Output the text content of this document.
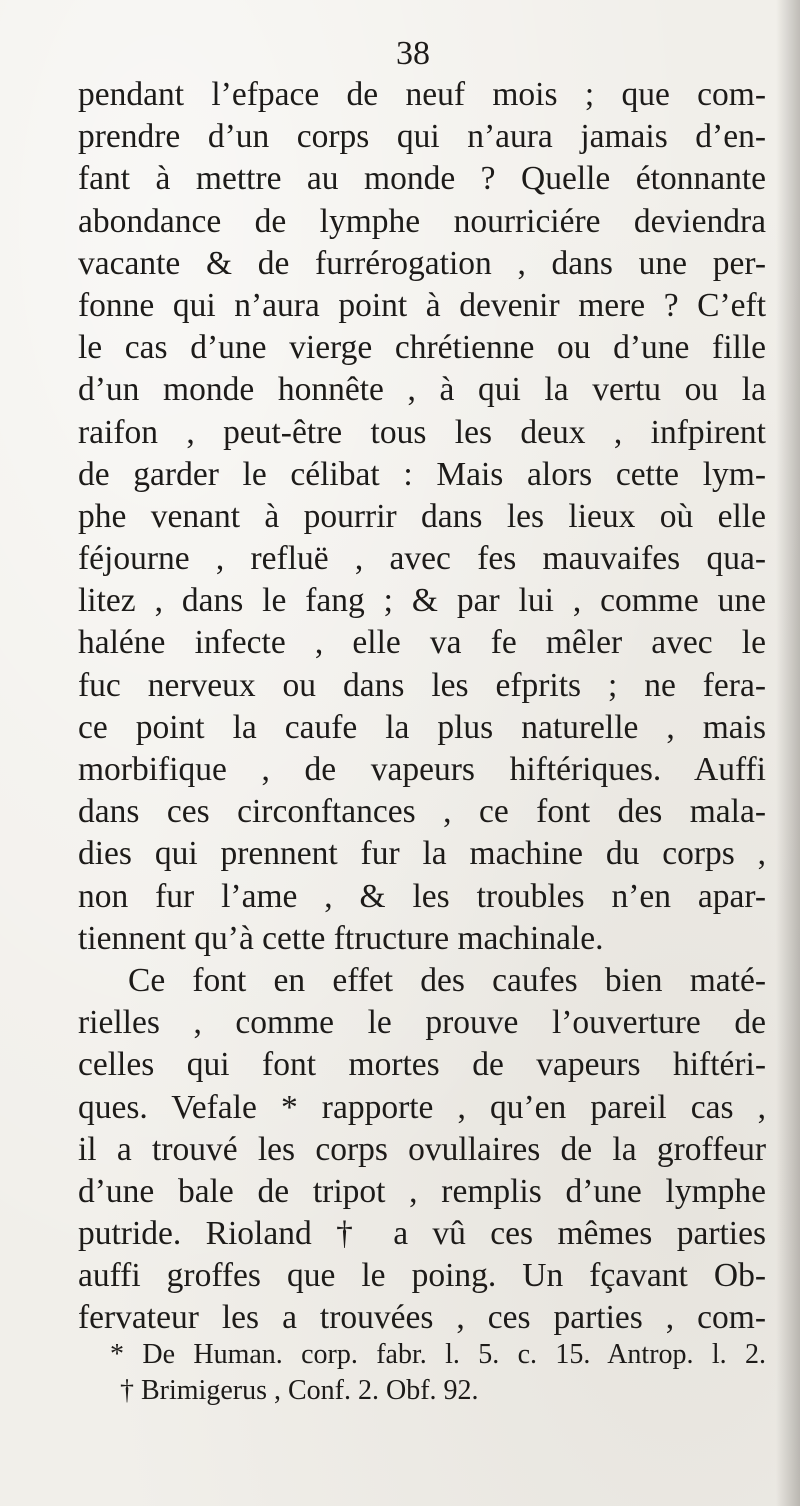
38
pendant l’efpace de neuf mois ; que com-
prendre d’un corps qui n’aura jamais d’en-
fant à mettre au monde ? Quelle étonnante
abondance de lymphe nourriciére deviendra
vacante & de furrérogation , dans une per-
fonne qui n’aura point à devenir mere ? C’eft
le cas d’une vierge chrétienne ou d’une fille
d’un monde honnête , à qui la vertu ou la
raifon , peut-être tous les deux , infpirent
de garder le célibat : Mais alors cette lym-
phe venant à pourrir dans les lieux où elle
féjourne , refluë , avec fes mauvaifes qua-
litez , dans le fang ; & par lui , comme une
haléne infecte , elle va fe mêler avec le
fuc nerveux ou dans les efprits ; ne fera-
ce point la caufe la plus naturelle , mais
morbifique , de vapeurs hiftériques. Auffi
dans ces circonftances , ce font des mala-
dies qui prennent fur la machine du corps ,
non fur l’ame , & les troubles n’en apar-
tiennent qu’à cette ftructure machinale.
Ce font en effet des caufes bien maté-
rielles , comme le prouve l’ouverture de
celles qui font mortes de vapeurs hiftéri-
ques. Vefale * rapporte , qu’en pareil cas ,
il a trouvé les corps ovullaires de la groffeur
d’une bale de tripot , remplis d’une lymphe
putride. Rioland † a vû ces mêmes parties
auffi groffes que le poing. Un fçavant Ob-
fervateur les a trouvées , ces parties , com-
* De Human. corp. fabr. l. 5. c. 15. Antrop. l. 2.
† Brimigerus , Conf. 2. Obf. 92.
